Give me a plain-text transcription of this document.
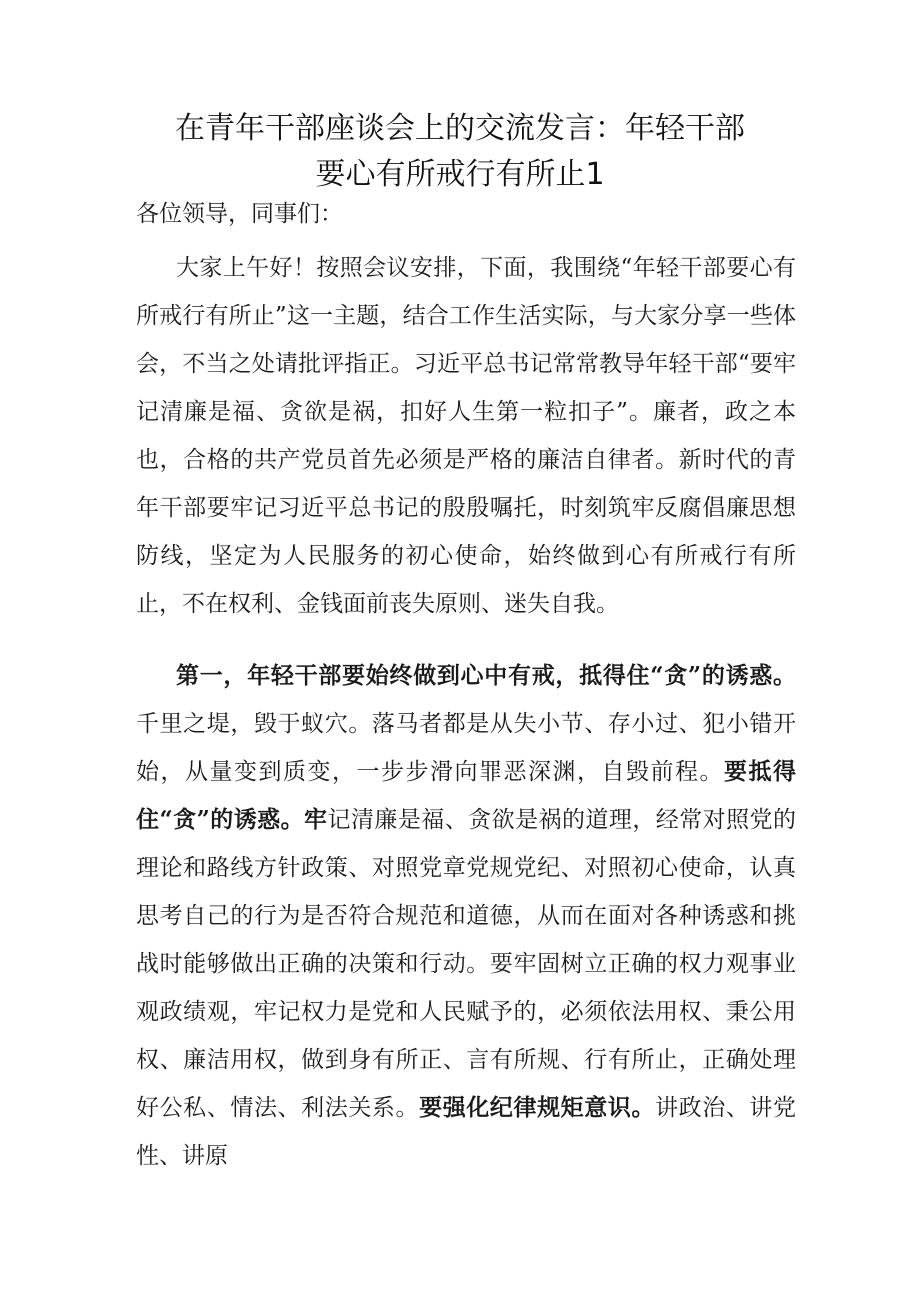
在青年干部座谈会上的交流发言：年轻干部
要心有所戒行有所止1
各位领导，同事们：
大家上午好！按照会议安排，下面，我围绕“年轻干部要心有所戒行有所止”这一主题，结合工作生活实际，与大家分享一些体会，不当之处请批评指正。习近平总书记常常教导年轻干部“要牢记清廉是福、贪欲是祸，扣好人生第一粒扣子”。廉者，政之本也，合格的共产党员首先必须是严格的廉洁自律者。新时代的青年干部要牢记习近平总书记的殷殷嘱托，时刻筑牢反腐倡廉思想防线，坚定为人民服务的初心使命，始终做到心有所戒行有所止，不在权利、金钱面前丧失原则、迷失自我。
第一，年轻干部要始终做到心中有戒，抵得住“贪”的诱惑。千里之堤，毁于蚁穴。落马者都是从失小节、存小过、犯小错开始，从量变到质变，一步步滑向罪恶深渊，自毁前程。要抵得住“贪”的诱惑。牢记清廉是福、贪欲是祸的道理，经常对照党的理论和路线方针政策、对照党章党规党纪、对照初心使命，认真思考自己的行为是否符合规范和道德，从而在面对各种诱惑和挑战时能够做出正确的决策和行动。要牢固树立正确的权力观事业观政绩观，牢记权力是党和人民赋予的，必须依法用权、秉公用权、廉洁用权，做到身有所正、言有所规、行有所止，正确处理好公私、情法、利法关系。要强化纪律规矩意识。讲政治、讲党性、讲原
